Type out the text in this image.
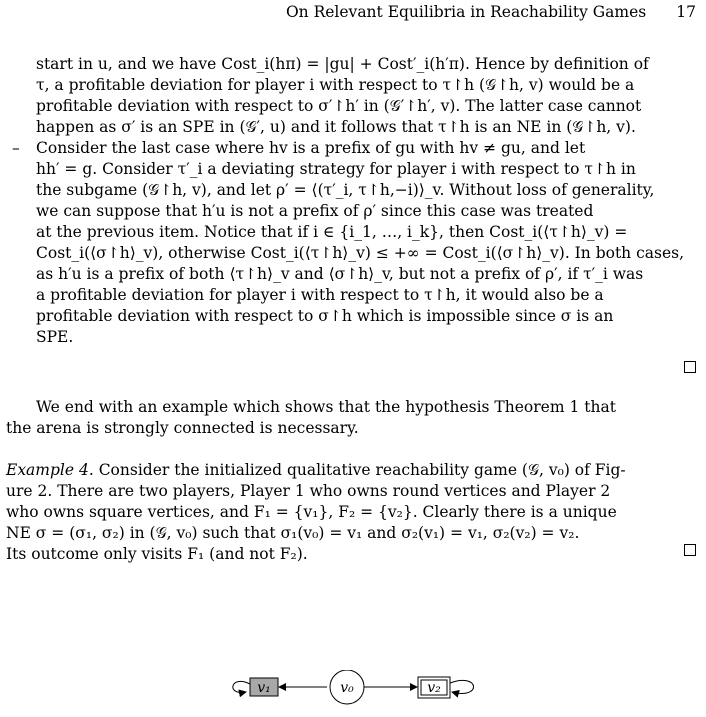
On Relevant Equilibria in Reachability Games 17
start in u, and we have Cost_i(hπ) = |gu| + Cost′_i(h′π). Hence by definition of
τ, a profitable deviation for player i with respect to τ↾h (𝒢↾h, v) would be a
profitable deviation with respect to σ′↾h′ in (𝒢′↾h′, v). The latter case cannot
happen as σ′ is an SPE in (𝒢′, u) and it follows that τ↾h is an NE in (𝒢↾h, v).
– Consider the last case where hv is a prefix of gu with hv ≠ gu, and let
hh′ = g. Consider τ′_i a deviating strategy for player i with respect to τ↾h in
the subgame (𝒢↾h, v), and let ρ′ = ⟨(τ′_i, τ↾h,−i)⟩_v. Without loss of generality,
we can suppose that h′u is not a prefix of ρ′ since this case was treated
at the previous item. Notice that if i ∈ {i_1, …, i_k}, then Cost_i(⟨τ↾h⟩_v) =
Cost_i(⟨σ↾h⟩_v), otherwise Cost_i(⟨τ↾h⟩_v) ≤ +∞ = Cost_i(⟨σ↾h⟩_v). In both cases,
as h′u is a prefix of both ⟨τ↾h⟩_v and ⟨σ↾h⟩_v, but not a prefix of ρ′, if τ′_i was
a profitable deviation for player i with respect to τ↾h, it would also be a
profitable deviation with respect to σ↾h which is impossible since σ is an
SPE.
We end with an example which shows that the hypothesis Theorem 1 that
the arena is strongly connected is necessary.
Example 4. Consider the initialized qualitative reachability game (𝒢, v₀) of Fig-
ure 2. There are two players, Player 1 who owns round vertices and Player 2
who owns square vertices, and F₁ = {v₁}, F₂ = {v₂}. Clearly there is a unique
NE σ = (σ₁, σ₂) in (𝒢, v₀) such that σ₁(v₀) = v₁ and σ₂(v₁) = v₁, σ₂(v₂) = v₂.
Its outcome only visits F₁ (and not F₂).
v₁	v₀	v₂
